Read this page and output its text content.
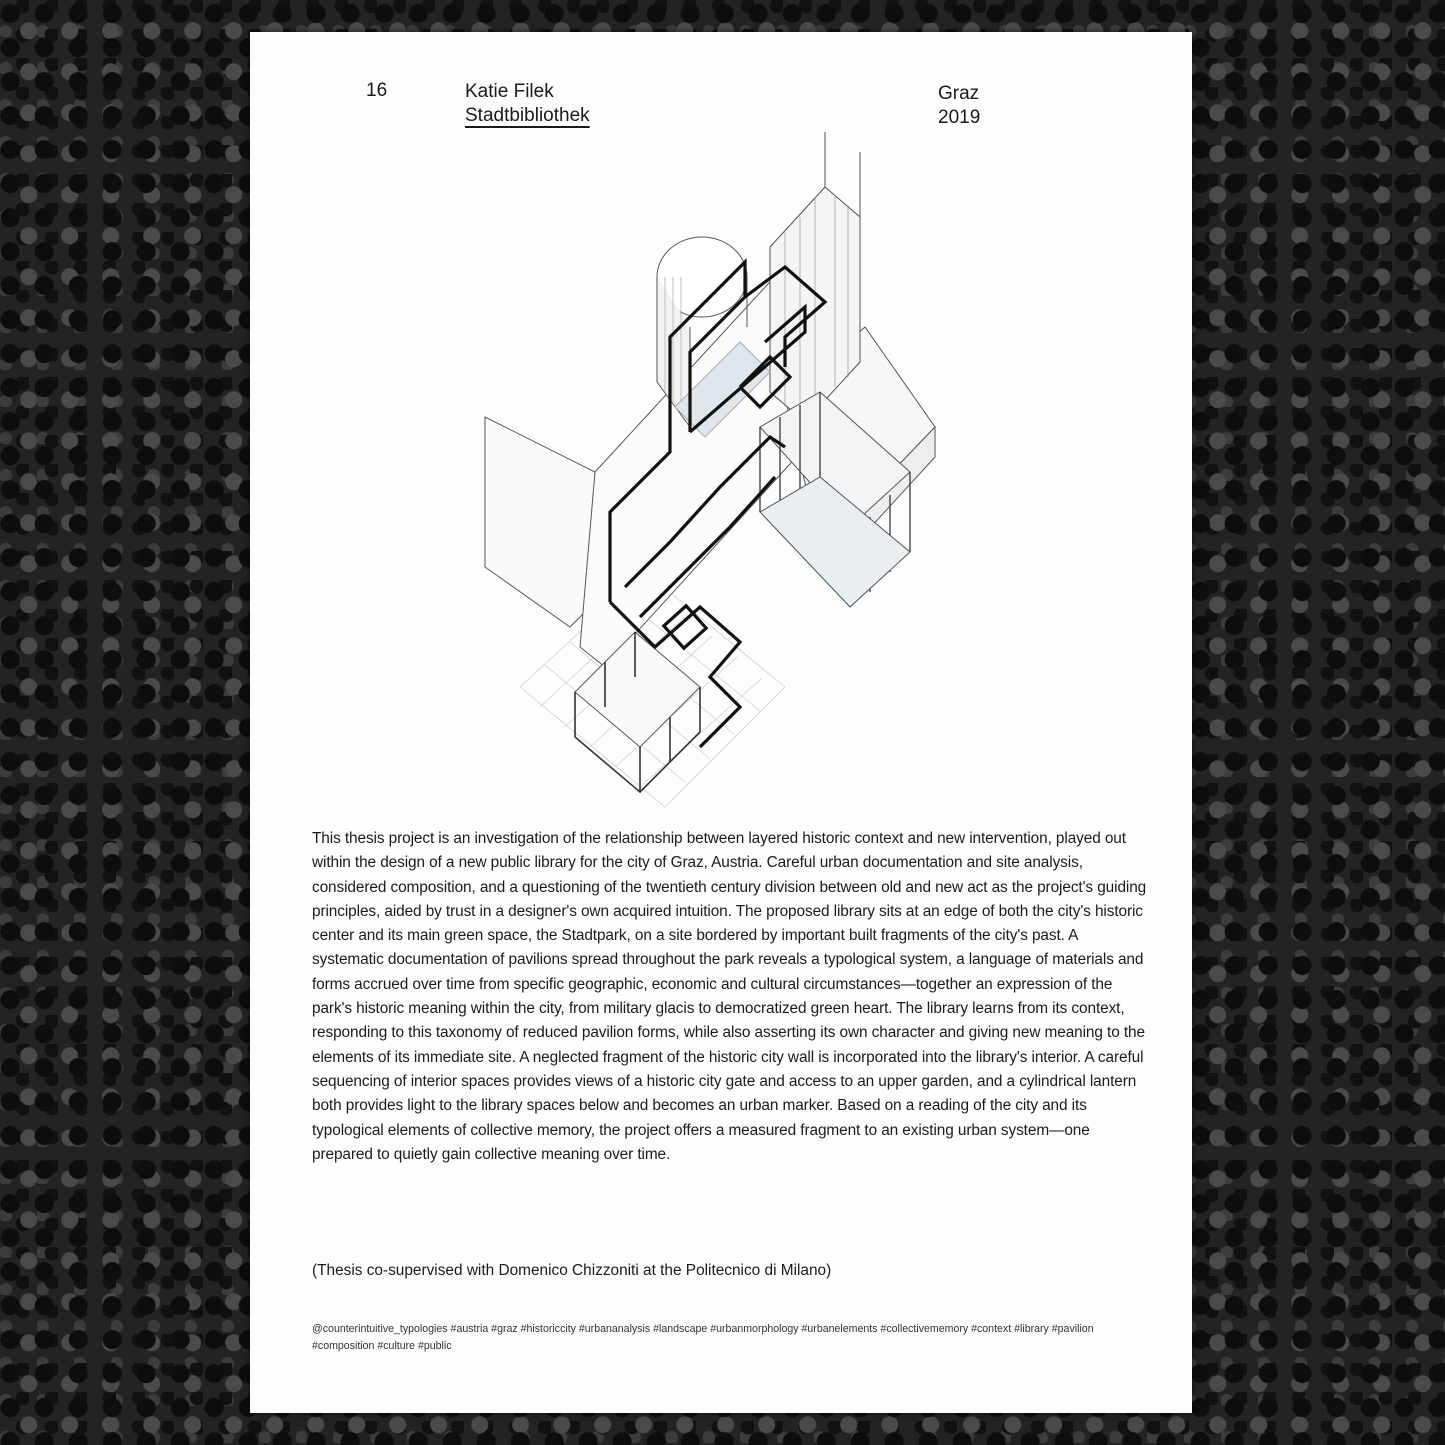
16	Katie Filek
Stadtbibliothek
Graz
2019
This thesis project is an investigation of the relationship between layered historic context and new intervention, played out within the design of a new public library for the city of Graz, Austria. Careful urban documentation and site analysis, considered composition, and a questioning of the twentieth century division between old and new act as the project's guiding principles, aided by trust in a designer's own acquired intuition. The proposed library sits at an edge of both the city's historic center and its main green space, the Stadtpark, on a site bordered by important built fragments of the city's past. A systematic documentation of pavilions spread throughout the park reveals a typological system, a language of materials and forms accrued over time from specific geographic, economic and cultural circumstances—together an expression of the park's historic meaning within the city, from military glacis to democratized green heart. The library learns from its context, responding to this taxonomy of reduced pavilion forms, while also asserting its own character and giving new meaning to the elements of its immediate site. A neglected fragment of the historic city wall is incorporated into the library's interior. A careful sequencing of interior spaces provides views of a historic city gate and access to an upper garden, and a cylindrical lantern both provides light to the library spaces below and becomes an urban marker. Based on a reading of the city and its typological elements of collective memory, the project offers a measured fragment to an existing urban system—one prepared to quietly gain collective meaning over time.
(Thesis co-supervised with Domenico Chizzoniti at the Politecnico di Milano)
@counterintuitive_typologies #austria #graz #historiccity #urbananalysis #landscape #urbanmorphology #urbanelements #collectivememory #context #library #pavilion #composition #culture #public
